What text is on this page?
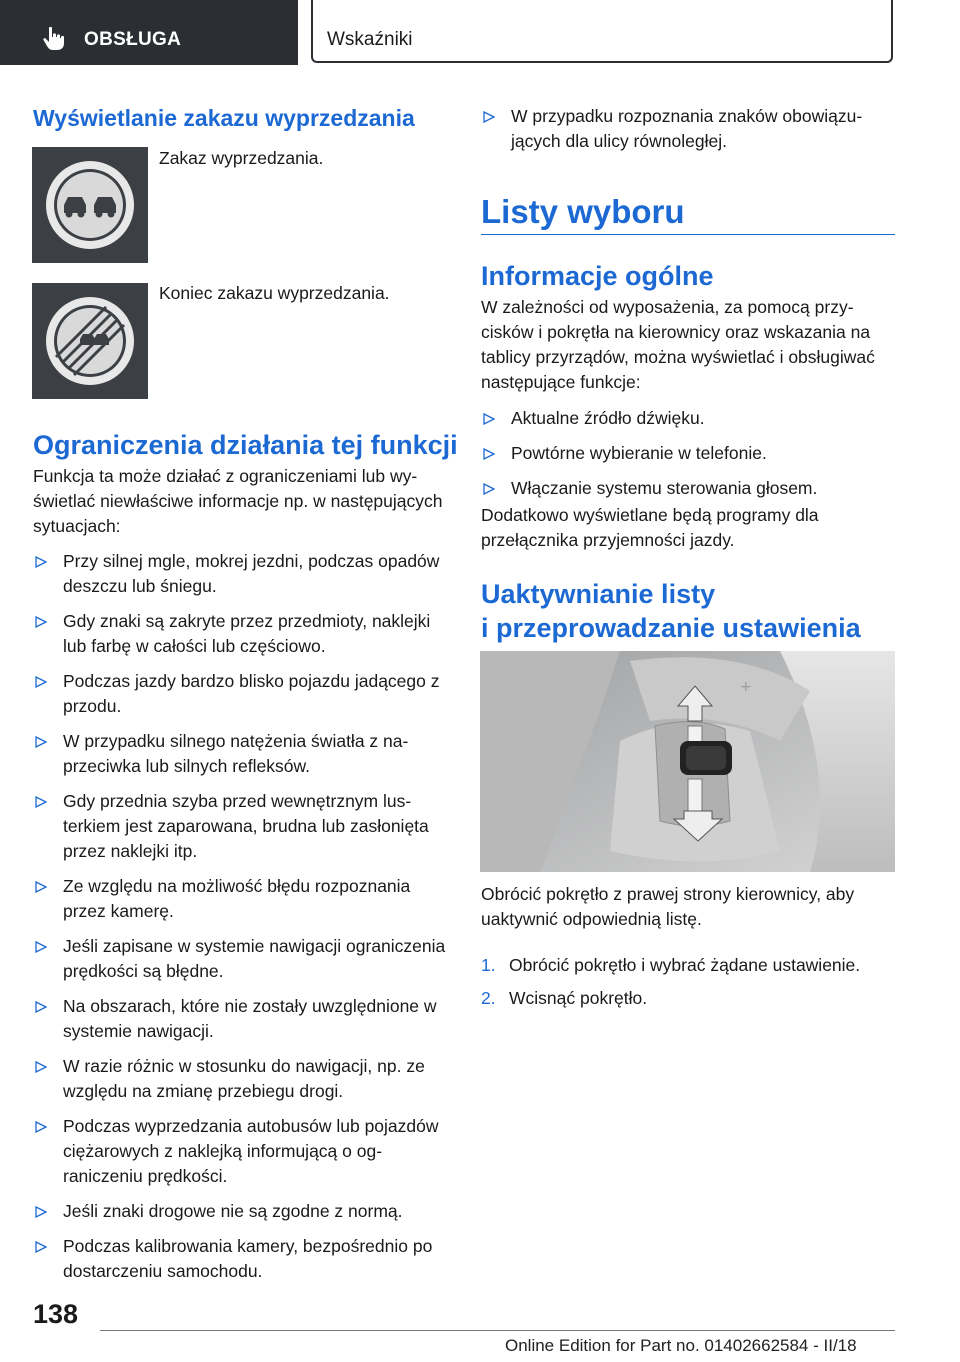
OBSŁUGA	Wskaźniki
Wyświetlanie zakazu wyprzedzania
Zakaz wyprzedzania.
Koniec zakazu wyprzedzania.
Ograniczenia działania tej funkcji
Funkcja ta może działać z ograniczeniami lub wyświetlać niewłaściwe informacje np. w następujących sytuacjach:
Przy silnej mgle, mokrej jezdni, podczas opadów deszczu lub śniegu.
Gdy znaki są zakryte przez przedmioty, naklejki lub farbę w całości lub częściowo.
Podczas jazdy bardzo blisko pojazdu jadącego z przodu.
W przypadku silnego natężenia światła z naprzeciwka lub silnych refleksów.
Gdy przednia szyba przed wewnętrznym lusterkiem jest zaparowana, brudna lub zasłonięta przez naklejki itp.
Ze względu na możliwość błędu rozpoznania przez kamerę.
Jeśli zapisane w systemie nawigacji ograniczenia prędkości są błędne.
Na obszarach, które nie zostały uwzględnione w systemie nawigacji.
W razie różnic w stosunku do nawigacji, np. ze względu na zmianę przebiegu drogi.
Podczas wyprzedzania autobusów lub pojazdów ciężarowych z naklejką informującą o ograniczeniu prędkości.
Jeśli znaki drogowe nie są zgodne z normą.
Podczas kalibrowania kamery, bezpośrednio po dostarczeniu samochodu.
W przypadku rozpoznania znaków obowiązujących dla ulicy równoległej.
Listy wyboru
Informacje ogólne
W zależności od wyposażenia, za pomocą przycisków i pokrętła na kierownicy oraz wskazania na tablicy przyrządów, można wyświetlać i obsługiwać następujące funkcje:
Aktualne źródło dźwięku.
Powtórne wybieranie w telefonie.
Włączanie systemu sterowania głosem.
Dodatkowo wyświetlane będą programy dla przełącznika przyjemności jazdy.
Uaktywnianie listy
i przeprowadzanie ustawienia
+
Obrócić pokrętło z prawej strony kierownicy, aby uaktywnić odpowiednią listę.
1. Obrócić pokrętło i wybrać żądane ustawienie.
2. Wcisnąć pokrętło.
138
Online Edition for Part no. 01402662584 - II/18
